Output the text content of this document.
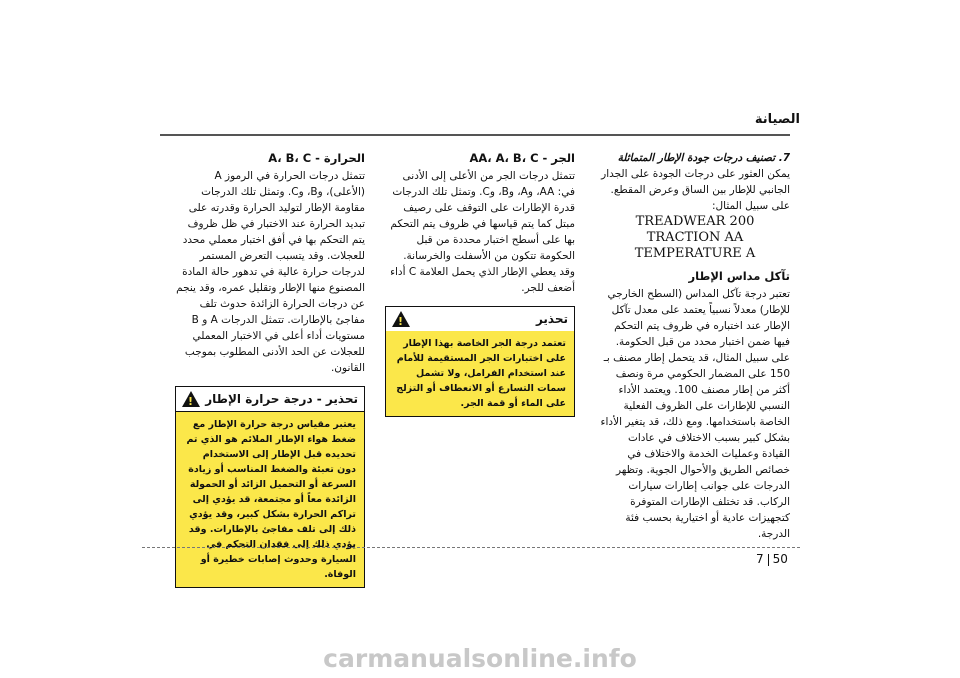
الصيانة

7. تصنيف درجات جودة الإطار المتماثلة

يمكن العثور على درجات الجودة على الجدار الجانبي للإطار بين الساق وعرض المقطع.

على سبيل المثال:

TREADWEAR 200

TRACTION AA

TEMPERATURE A

تآكل مداس الإطار

تعتبر درجة تآكل المداس (السطح الخارجي للإطار) معدلاً نسبياً يعتمد على معدل تآكل الإطار عند اختباره في ظروف يتم التحكم فيها ضمن اختبار محدد من قبل الحكومة. على سبيل المثال، قد يتحمل إطار مصنف بـ 150 على المضمار الحكومي مرة ونصف أكثر من إطار مصنف 100. ويعتمد الأداء النسبي للإطارات على الظروف الفعلية الخاصة باستخدامها. ومع ذلك، قد يتغير الأداء بشكل كبير بسبب الاختلاف في عادات القيادة وعمليات الخدمة والاختلاف في خصائص الطريق والأحوال الجوية. وتظهر الدرجات على جوانب إطارات سيارات الركاب. قد تختلف الإطارات المتوفرة كتجهيزات عادية أو اختيارية بحسب فئة الدرجة.

الجر - AA، A، B، C

تتمثل درجات الجر من الأعلى إلى الأدنى في: AA، وA، وB، وC. وتمثل تلك الدرجات قدرة الإطارات على التوقف على رصيف مبتل كما يتم قياسها في ظروف يتم التحكم بها على أسطح اختبار محددة من قبل الحكومة تتكون من الأسفلت والخرسانة. وقد يعطي الإطار الذي يحمل العلامة C أداء أضعف للجر.

تحذير
!
تعتمد درجة الجر الخاصة بهذا الإطار على اختبارات الجر المستقيمة للأمام عند استخدام الفرامل، ولا تشمل سمات التسارع أو الانعطاف أو التزلج على الماء أو قمة الجر.

الحرارة - A، B، C

تتمثل درجات الحرارة في الرموز A (الأعلى)، وB، وC. وتمثل تلك الدرجات مقاومة الإطار لتوليد الحرارة وقدرته على تبديد الحرارة عند الاختبار في ظل ظروف يتم التحكم بها في أفق اختبار معملي محدد للعجلات. وقد يتسبب التعرض المستمر لدرجات حرارة عالية في تدهور حالة المادة المصنوع منها الإطار وتقليل عمره، وقد ينجم عن درجات الحرارة الزائدة حدوث تلف مفاجئ بالإطارات. تتمثل الدرجات A و B مستويات أداء أعلى في الاختبار المعملي للعجلات عن الحد الأدنى المطلوب بموجب القانون.

تحذير - درجة حرارة الإطار
!
يعتبر مقياس درجة حرارة الإطار مع ضغط هواء الإطار الملائم هو الذي تم تحديده قبل الإطار إلى الاستخدام دون تعبئة والضغط المناسب أو زيادة السرعة أو التحميل الزائد أو الحمولة الزائدة معاً أو مجتمعة، قد يؤدي إلى تراكم الحرارة بشكل كبير، وقد يؤدي ذلك إلى تلف مفاجئ بالإطارات. وقد يؤدي ذلك إلى فقدان التحكم في السيارة وحدوث إصابات خطيرة أو الوفاة.
7 50
carmanualsonline.info
